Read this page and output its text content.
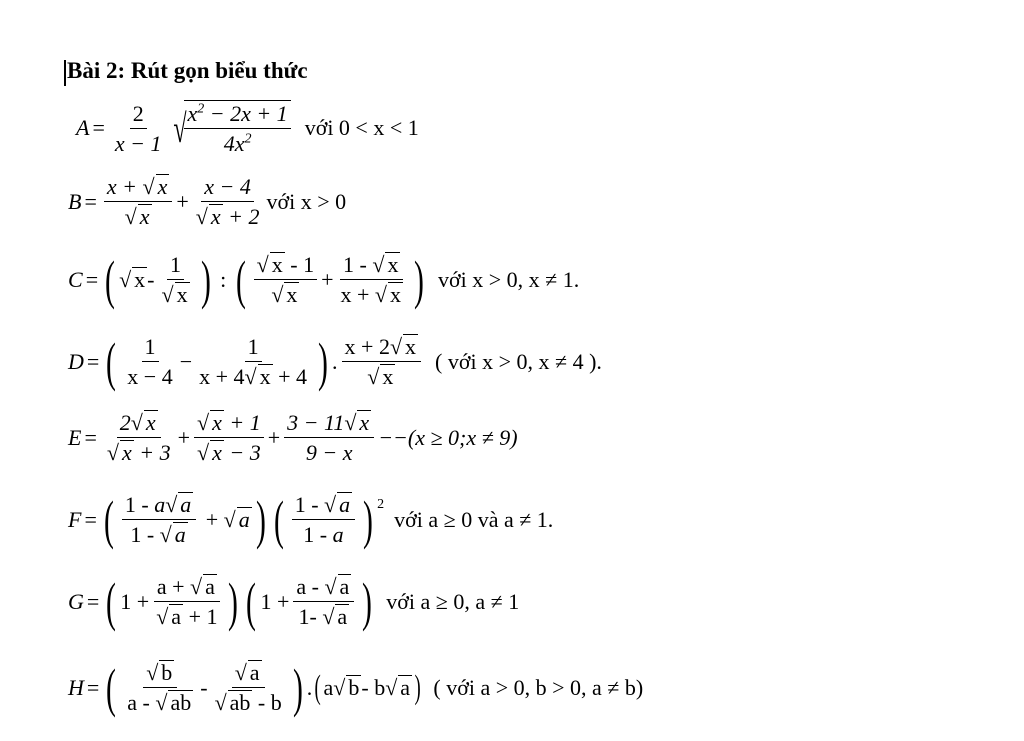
Bài 2: Rút gọn biểu thức
$A = \frac{2}{x - 1}$ √
$\frac{x^2 - 2x + 1}{4x^2}$ với 0 < x < 1
$B = \frac{x + √ x}{√ x} + \frac{x - 4}{√ x + 2}$ với x > 0
C = ( √ x - $\frac{1}{√ x}$ ) : ( $\frac{√ x - 1}{√ x} + \frac{1 - √ x}{x + √ x}$ ) với x > 0, x ≠ 1.
D = ( $\frac{1}{x - 4} - \frac{1}{x + 4√ x + 4}$ ) . $\frac{x + 2√ x}{√ x}$ ( với x > 0, x ≠ 4 ).
$E = \frac{2√ x}{√ x + 3} + \frac{√ x + 1}{√ x - 3} + \frac{3 - 11√ x}{9 - x} --(x$ ≥ 0;x ≠ 9)
F = ( $\frac{1 - a√ a}{1 - √ a}$ + √ a ) ( $\frac{1 - √ a}{1 - a}$ ) 2
với a ≥ 0 và a ≠ 1.
G = ( $1 + \frac{a + √ a}{√ a + 1}$ ) ( $1 + \frac{a - √ a}{1- √ a}$ ) với a ≥ 0, a ≠ 1
H = ( $\frac{√ b}{a - √ ab} - \frac{√ a}{√ ab - b}$ ) . ( a√ b - b√ a ) ( với a > 0, b > 0, a ≠ b)
